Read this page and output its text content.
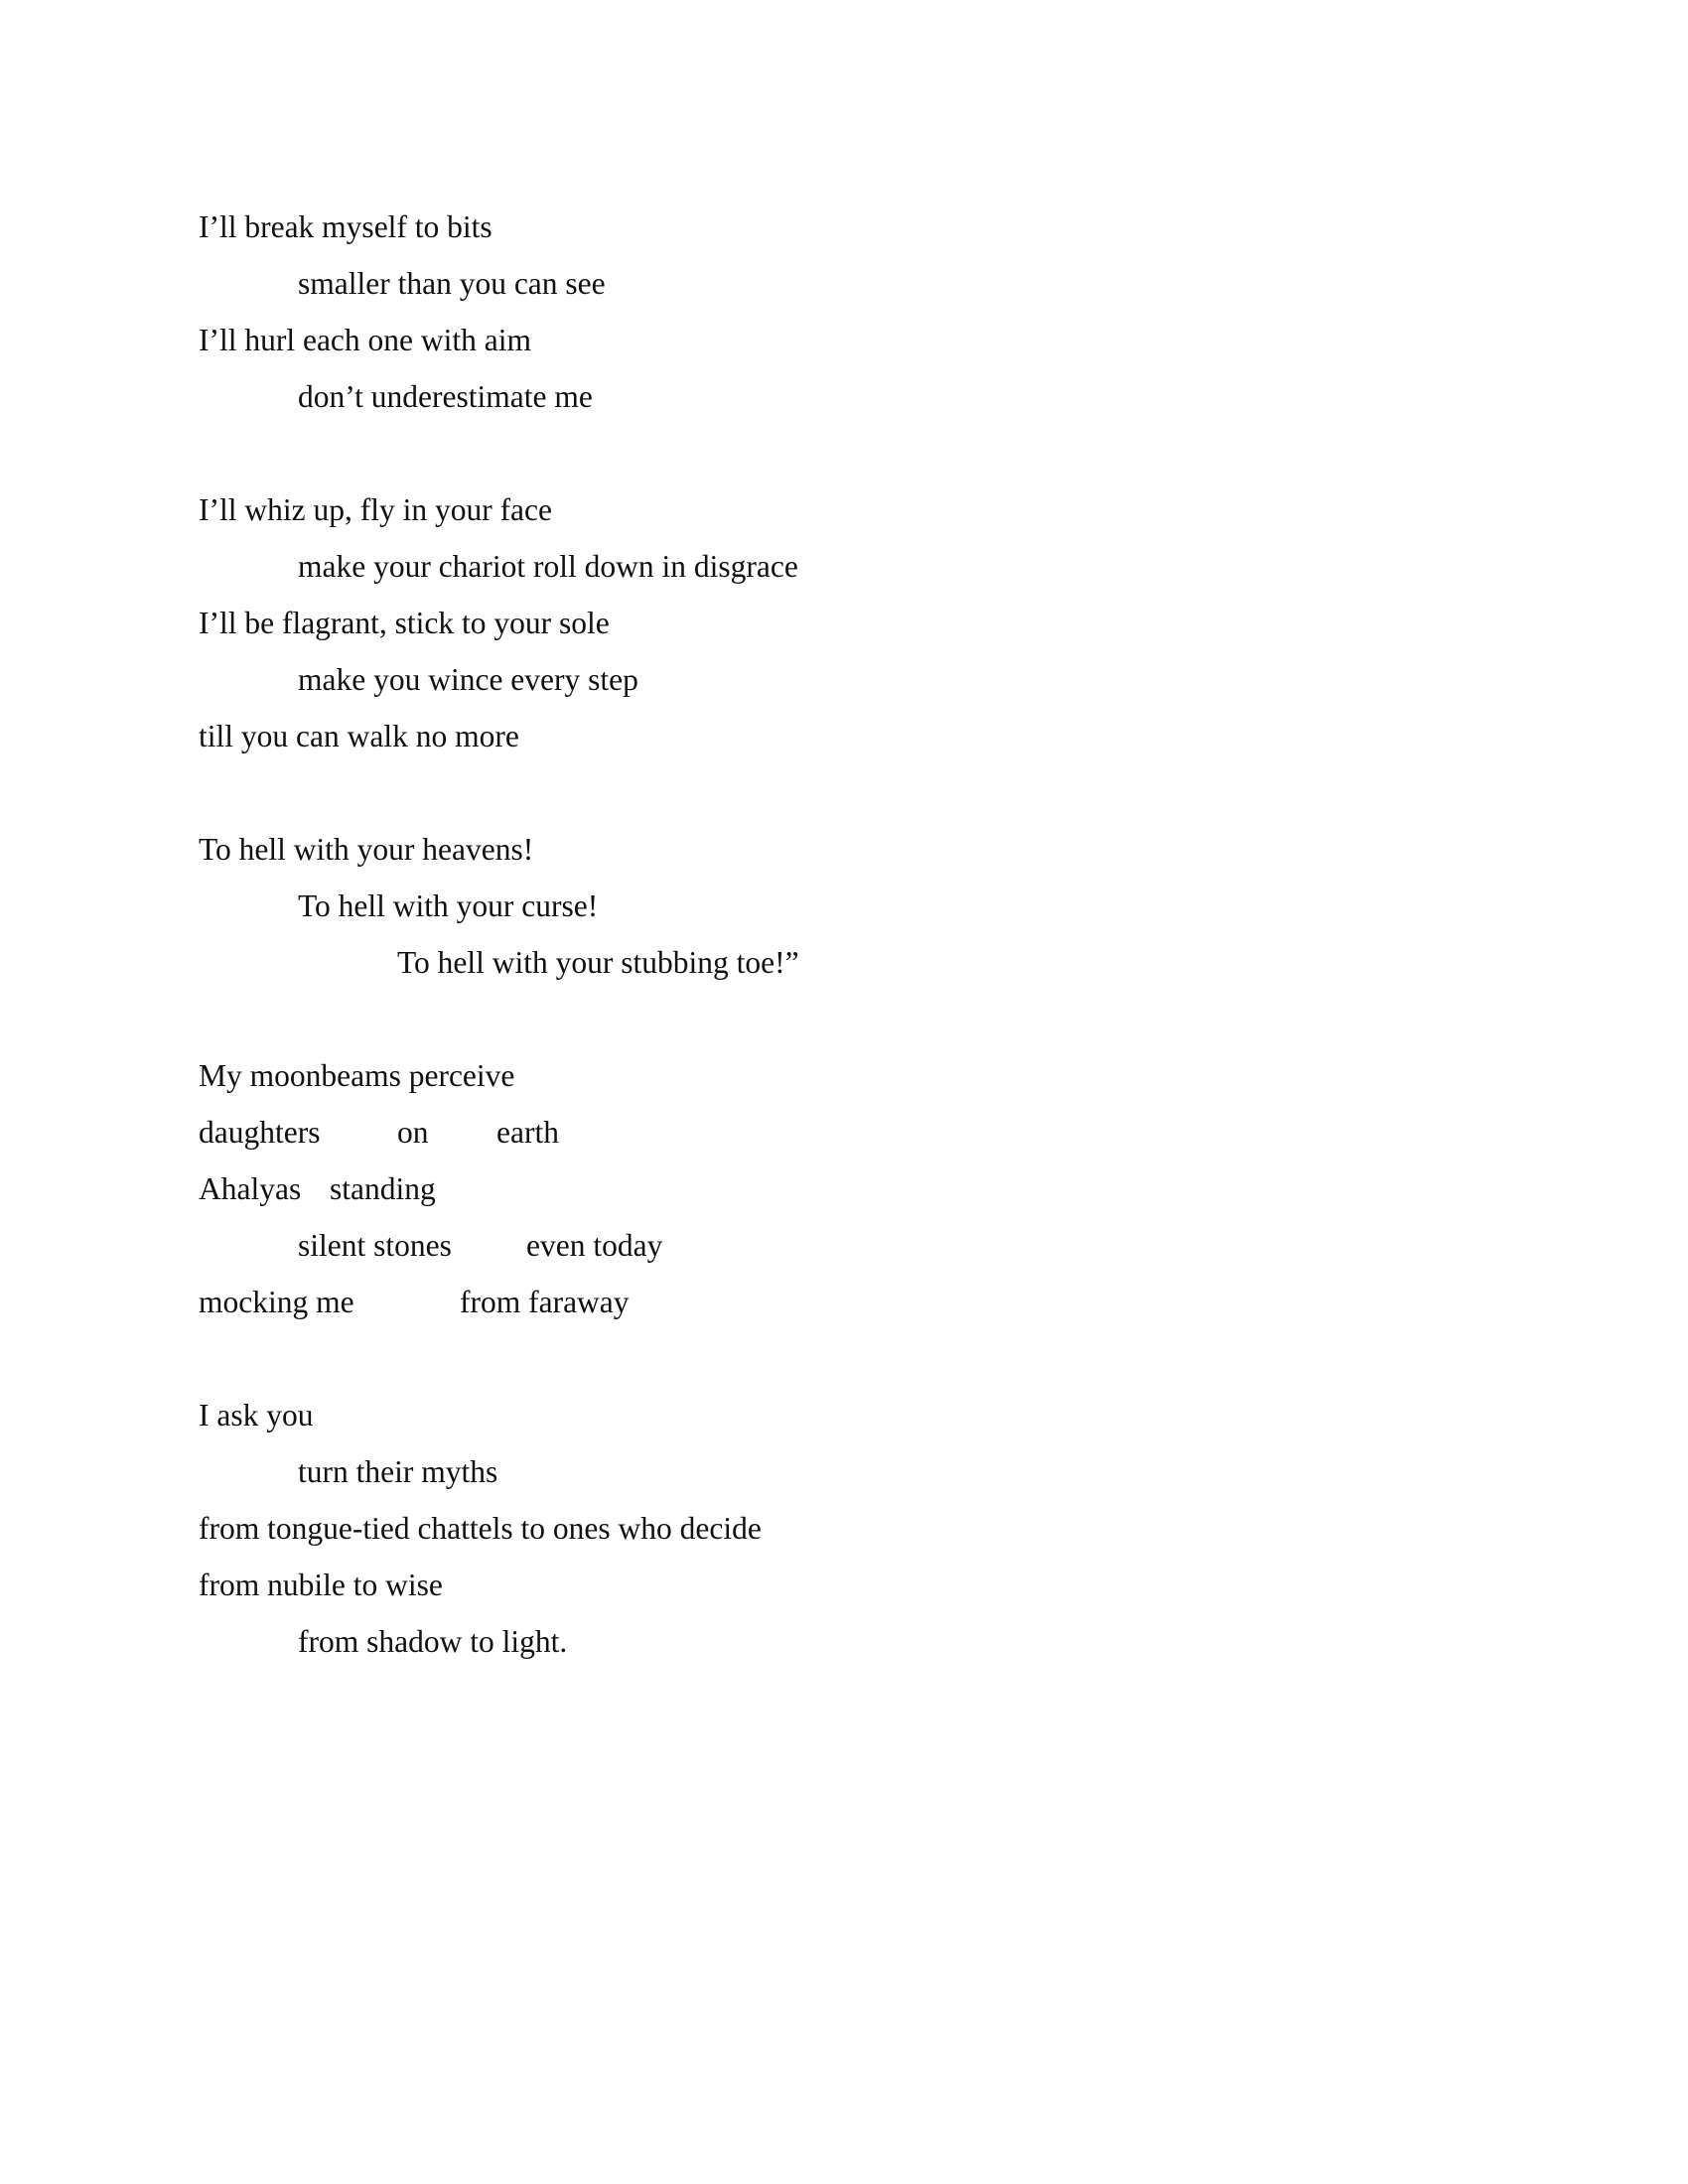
I’ll break myself to bits
smaller than you can see
I’ll hurl each one with aim
don’t underestimate me
I’ll whiz up, fly in your face
make your chariot roll down in disgrace
I’ll be flagrant, stick to your sole
make you wince every step
till you can walk no more
To hell with your heavens!
To hell with your curse!
To hell with your stubbing toe!”
My moonbeams perceive
daughters on earth
Ahalyas standing
silent stones even today
mocking me	from faraway
I ask you
turn their myths
from tongue-tied chattels to ones who decide
from nubile to wise
from shadow to light.
